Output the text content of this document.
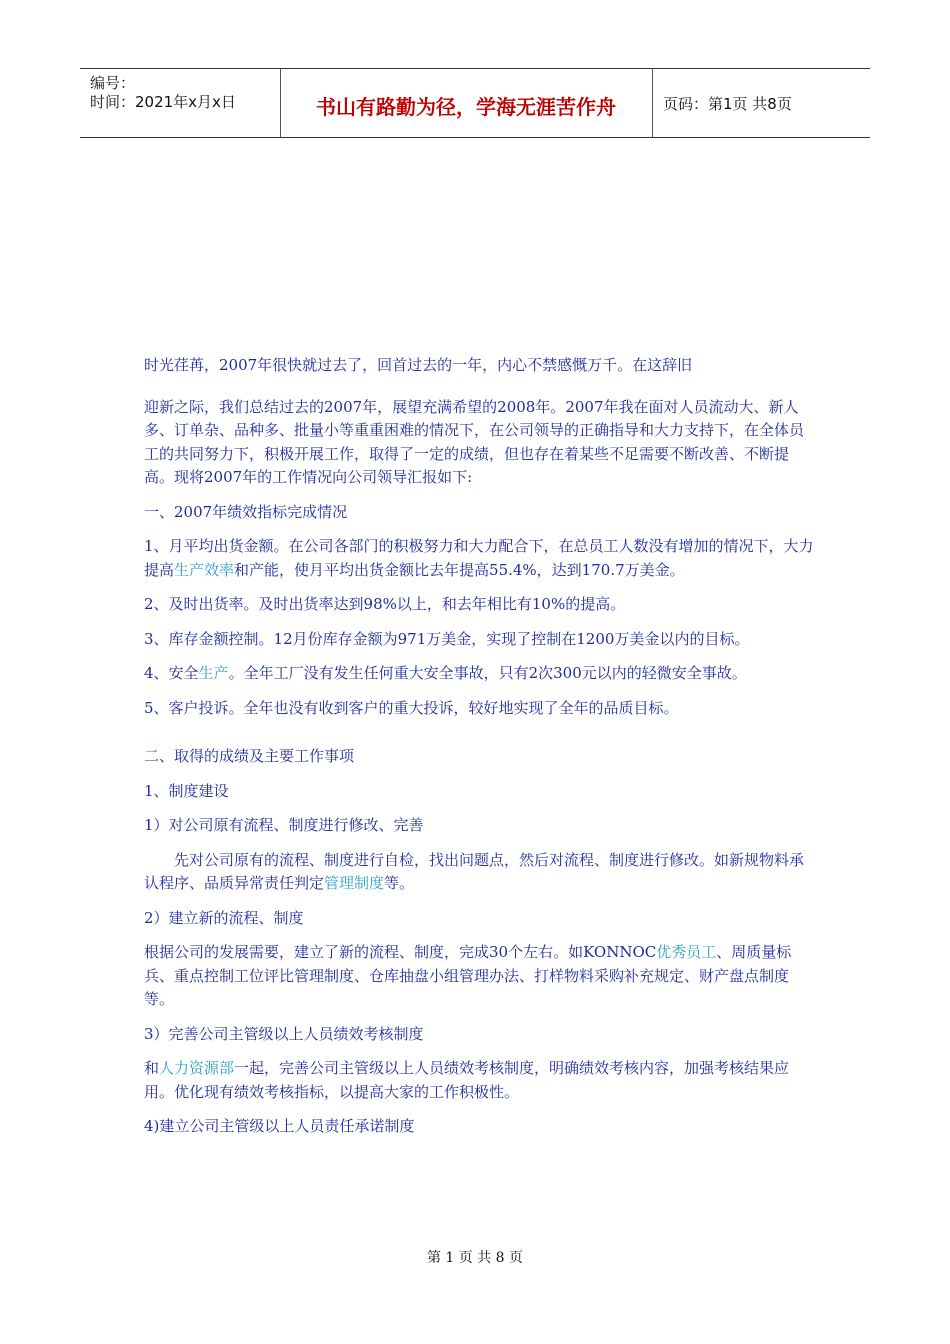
编号：
时间：2021年x月x日	书山有路勤为径，学海无涯苦作舟	页码：第1页 共8页

时光荏苒，2007年很快就过去了，回首过去的一年，内心不禁感慨万千。在这辞旧

迎新之际，我们总结过去的2007年，展望充满希望的2008年。2007年我在面对人员流动大、新人多、订单杂、品种多、批量小等重重困难的情况下，在公司领导的正确指导和大力支持下，在全体员工的共同努力下，积极开展工作，取得了一定的成绩，但也存在着某些不足需要不断改善、不断提高。现将2007年的工作情况向公司领导汇报如下:

一、2007年绩效指标完成情况

1、月平均出货金额。在公司各部门的积极努力和大力配合下，在总员工人数没有增加的情况下，大力提高生产效率和产能，使月平均出货金额比去年提高55.4%，达到170.7万美金。

2、及时出货率。及时出货率达到98%以上，和去年相比有10%的提高。

3、库存金额控制。12月份库存金额为971万美金，实现了控制在1200万美金以内的目标。

4、安全生产。全年工厂没有发生任何重大安全事故，只有2次300元以内的轻微安全事故。

5、客户投诉。全年也没有收到客户的重大投诉，较好地实现了全年的品质目标。

二、取得的成绩及主要工作事项

1、制度建设

1）对公司原有流程、制度进行修改、完善

先对公司原有的流程、制度进行自检，找出问题点，然后对流程、制度进行修改。如新规物料承认程序、品质异常责任判定管理制度等。

2）建立新的流程、制度

根据公司的发展需要，建立了新的流程、制度，完成30个左右。如KONNOC优秀员工、周质量标兵、重点控制工位评比管理制度、仓库抽盘小组管理办法、打样物料采购补充规定、财产盘点制度等。

3）完善公司主管级以上人员绩效考核制度

和人力资源部一起，完善公司主管级以上人员绩效考核制度，明确绩效考核内容，加强考核结果应用。优化现有绩效考核指标，以提高大家的工作积极性。

4)建立公司主管级以上人员责任承诺制度

第 1 页 共 8 页
